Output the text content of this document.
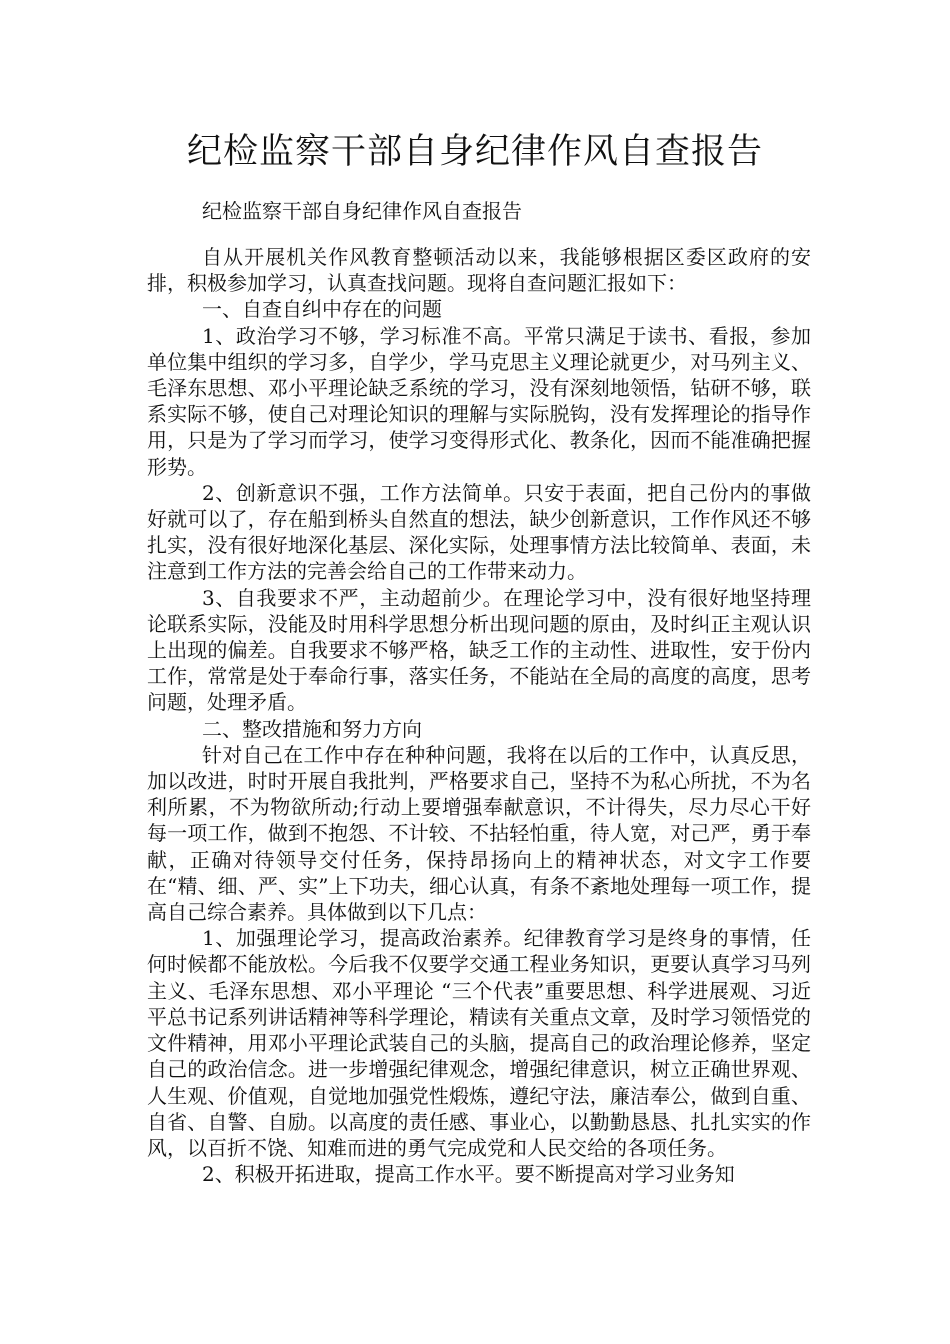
纪检监察干部自身纪律作风自查报告

纪检监察干部自身纪律作风自查报告

自从开展机关作风教育整顿活动以来，我能够根据区委区政府的安排，积极参加学习，认真查找问题。现将自查问题汇报如下：

一、自查自纠中存在的问题

1、政治学习不够，学习标准不高。平常只满足于读书、看报，参加单位集中组织的学习多，自学少，学马克思主义理论就更少，对马列主义、毛泽东思想、邓小平理论缺乏系统的学习，没有深刻地领悟，钻研不够，联系实际不够，使自己对理论知识的理解与实际脱钩，没有发挥理论的指导作用，只是为了学习而学习，使学习变得形式化、教条化，因而不能准确把握形势。

2、创新意识不强，工作方法简单。只安于表面，把自己份内的事做好就可以了，存在船到桥头自然直的想法，缺少创新意识，工作作风还不够扎实，没有很好地深化基层、深化实际，处理事情方法比较简单、表面，未注意到工作方法的完善会给自己的工作带来动力。

3、自我要求不严，主动超前少。在理论学习中，没有很好地坚持理论联系实际，没能及时用科学思想分析出现问题的原由，及时纠正主观认识上出现的偏差。自我要求不够严格，缺乏工作的主动性、进取性，安于份内工作，常常是处于奉命行事，落实任务，不能站在全局的高度的高度，思考问题，处理矛盾。

二、整改措施和努力方向

针对自己在工作中存在种种问题，我将在以后的工作中，认真反思，加以改进，时时开展自我批判，严格要求自己，坚持不为私心所扰，不为名利所累，不为物欲所动;行动上要增强奉献意识，不计得失，尽力尽心干好每一项工作，做到不抱怨、不计较、不拈轻怕重，待人宽，对己严，勇于奉献，正确对待领导交付任务，保持昂扬向上的精神状态，对文字工作要在“精、细、严、实”上下功夫，细心认真，有条不紊地处理每一项工作，提高自己综合素养。具体做到以下几点：

1、加强理论学习，提高政治素养。纪律教育学习是终身的事情，任何时候都不能放松。今后我不仅要学交通工程业务知识，更要认真学习马列主义、毛泽东思想、邓小平理论 “三个代表”重要思想、科学进展观、习近平总书记系列讲话精神等科学理论，精读有关重点文章，及时学习领悟党的文件精神，用邓小平理论武装自己的头脑，提高自己的政治理论修养，坚定自己的政治信念。进一步增强纪律观念，增强纪律意识，树立正确世界观、人生观、价值观，自觉地加强党性煅炼，遵纪守法，廉洁奉公，做到自重、自省、自警、自励。以高度的责任感、事业心，以勤勤恳恳、扎扎实实的作风，以百折不饶、知难而进的勇气完成党和人民交给的各项任务。

2、积极开拓进取，提高工作水平。要不断提高对学习业务知
